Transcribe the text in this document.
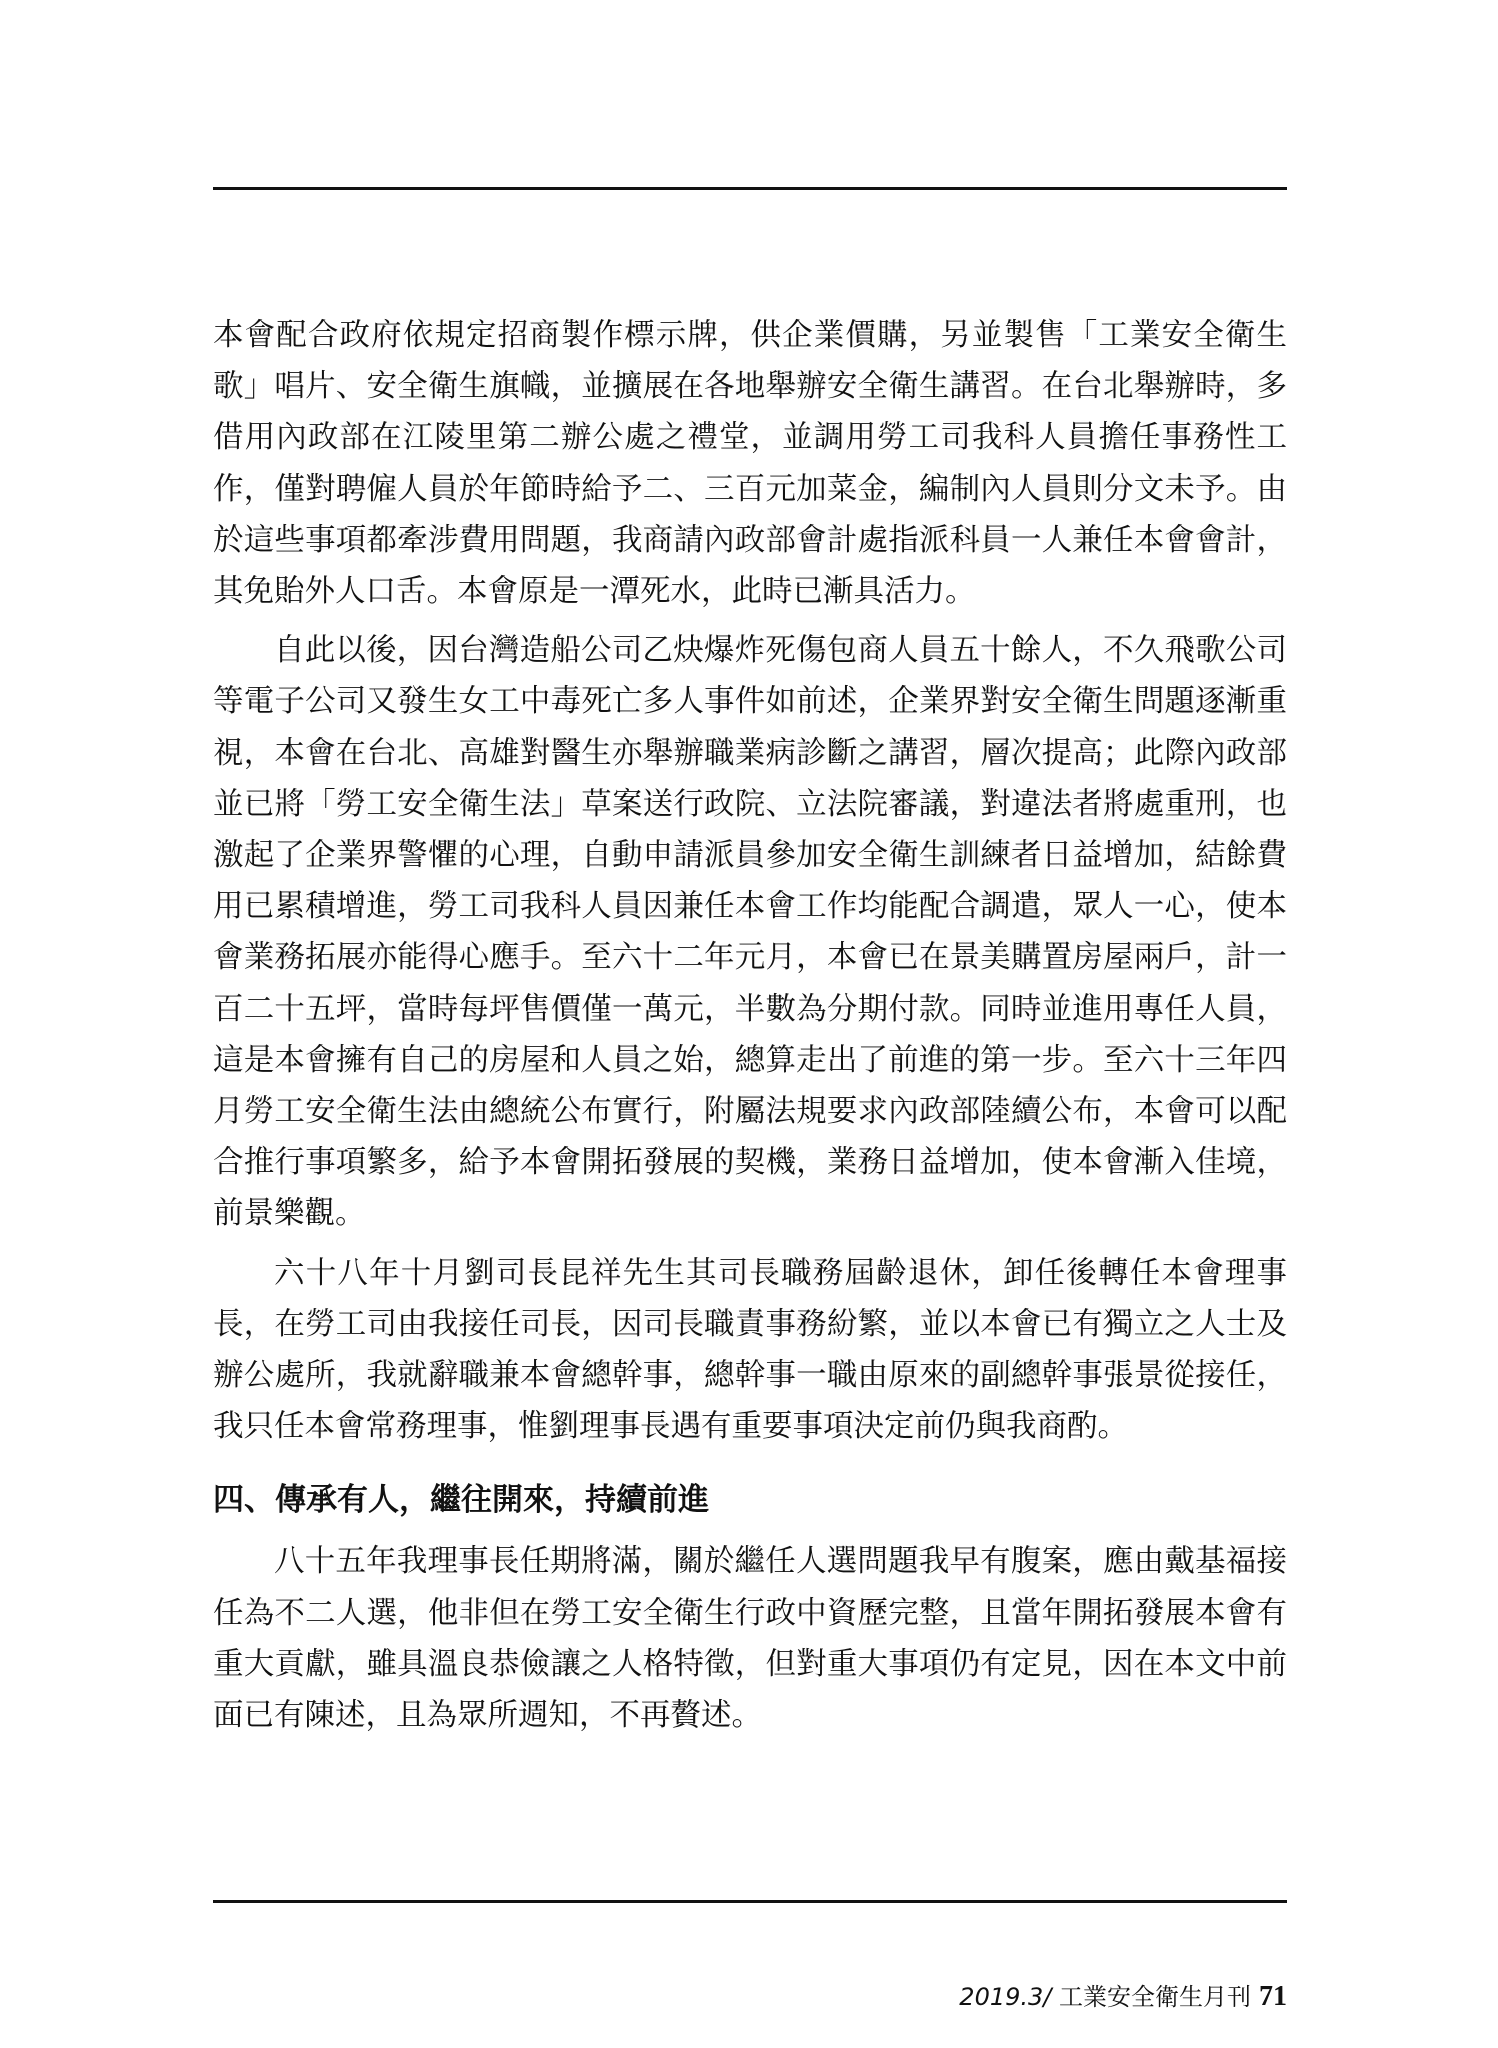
本會配合政府依規定招商製作標示牌，供企業價購，另並製售「工業安全衛生歌」唱片、安全衛生旗幟，並擴展在各地舉辦安全衛生講習。在台北舉辦時，多借用內政部在江陵里第二辦公處之禮堂，並調用勞工司我科人員擔任事務性工作，僅對聘僱人員於年節時給予二、三百元加菜金，編制內人員則分文未予。由於這些事項都牽涉費用問題，我商請內政部會計處指派科員一人兼任本會會計，其免貽外人口舌。本會原是一潭死水，此時已漸具活力。

自此以後，因台灣造船公司乙炔爆炸死傷包商人員五十餘人，不久飛歌公司等電子公司又發生女工中毒死亡多人事件如前述，企業界對安全衛生問題逐漸重視，本會在台北、高雄對醫生亦舉辦職業病診斷之講習，層次提高；此際內政部並已將「勞工安全衛生法」草案送行政院、立法院審議，對違法者將處重刑，也激起了企業界警懼的心理，自動申請派員參加安全衛生訓練者日益增加，結餘費用已累積增進，勞工司我科人員因兼任本會工作均能配合調遣，眾人一心，使本會業務拓展亦能得心應手。至六十二年元月，本會已在景美購置房屋兩戶，計一百二十五坪，當時每坪售價僅一萬元，半數為分期付款。同時並進用專任人員，這是本會擁有自己的房屋和人員之始，總算走出了前進的第一步。至六十三年四月勞工安全衛生法由總統公布實行，附屬法規要求內政部陸續公布，本會可以配合推行事項繁多，給予本會開拓發展的契機，業務日益增加，使本會漸入佳境，前景樂觀。

六十八年十月劉司長昆祥先生其司長職務屆齡退休，卸任後轉任本會理事長，在勞工司由我接任司長，因司長職責事務紛繁，並以本會已有獨立之人士及辦公處所，我就辭職兼本會總幹事，總幹事一職由原來的副總幹事張景從接任，我只任本會常務理事，惟劉理事長遇有重要事項決定前仍與我商酌。

四、傳承有人，繼往開來，持續前進

八十五年我理事長任期將滿，關於繼任人選問題我早有腹案，應由戴基福接任為不二人選，他非但在勞工安全衛生行政中資歷完整，且當年開拓發展本會有重大貢獻，雖具溫良恭儉讓之人格特徵，但對重大事項仍有定見，因在本文中前面已有陳述，且為眾所週知，不再贅述。

2019.3/ 工業安全衛生月刊 71
